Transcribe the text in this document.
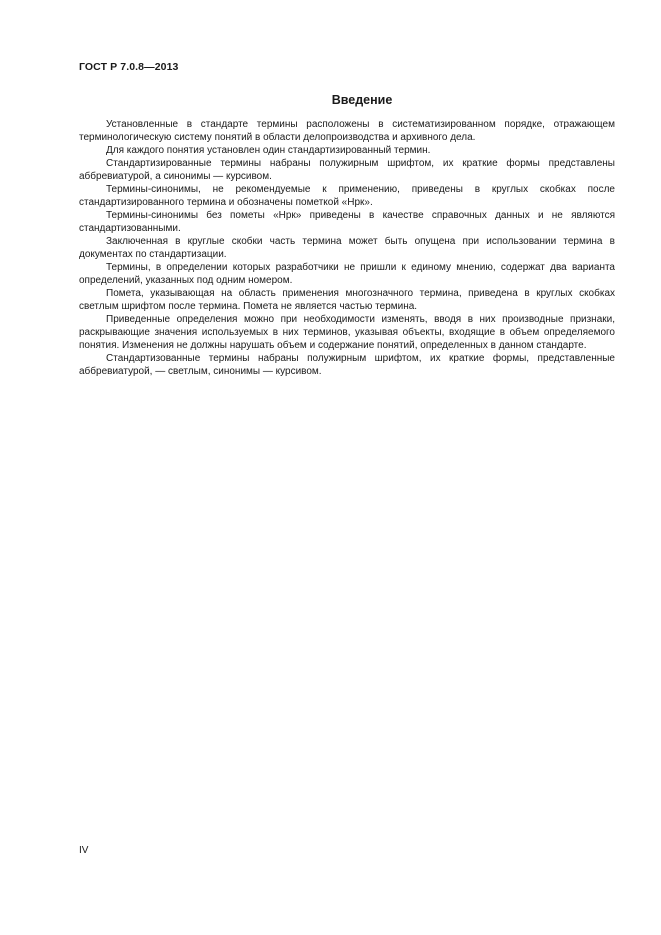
ГОСТ Р 7.0.8—2013
Введение

Установленные в стандарте термины расположены в систематизированном порядке, отражающем терминологическую систему понятий в области делопроизводства и архивного дела.

Для каждого понятия установлен один стандартизированный термин.

Стандартизированные термины набраны полужирным шрифтом, их краткие формы представлены аббревиатурой, а синонимы — курсивом.

Термины-синонимы, не рекомендуемые к применению, приведены в круглых скобках после стандартизированного термина и обозначены пометкой «Нрк».

Термины-синонимы без пометы «Нрк» приведены в качестве справочных данных и не являются стандартизованными.

Заключенная в круглые скобки часть термина может быть опущена при использовании термина в документах по стандартизации.

Термины, в определении которых разработчики не пришли к единому мнению, содержат два варианта определений, указанных под одним номером.

Помета, указывающая на область применения многозначного термина, приведена в круглых скобках светлым шрифтом после термина. Помета не является частью термина.

Приведенные определения можно при необходимости изменять, вводя в них производные признаки, раскрывающие значения используемых в них терминов, указывая объекты, входящие в объем определяемого понятия. Изменения не должны нарушать объем и содержание понятий, определенных в данном стандарте.

Стандартизованные термины набраны полужирным шрифтом, их краткие формы, представленные аббревиатурой, — светлым, синонимы — курсивом.

IV
